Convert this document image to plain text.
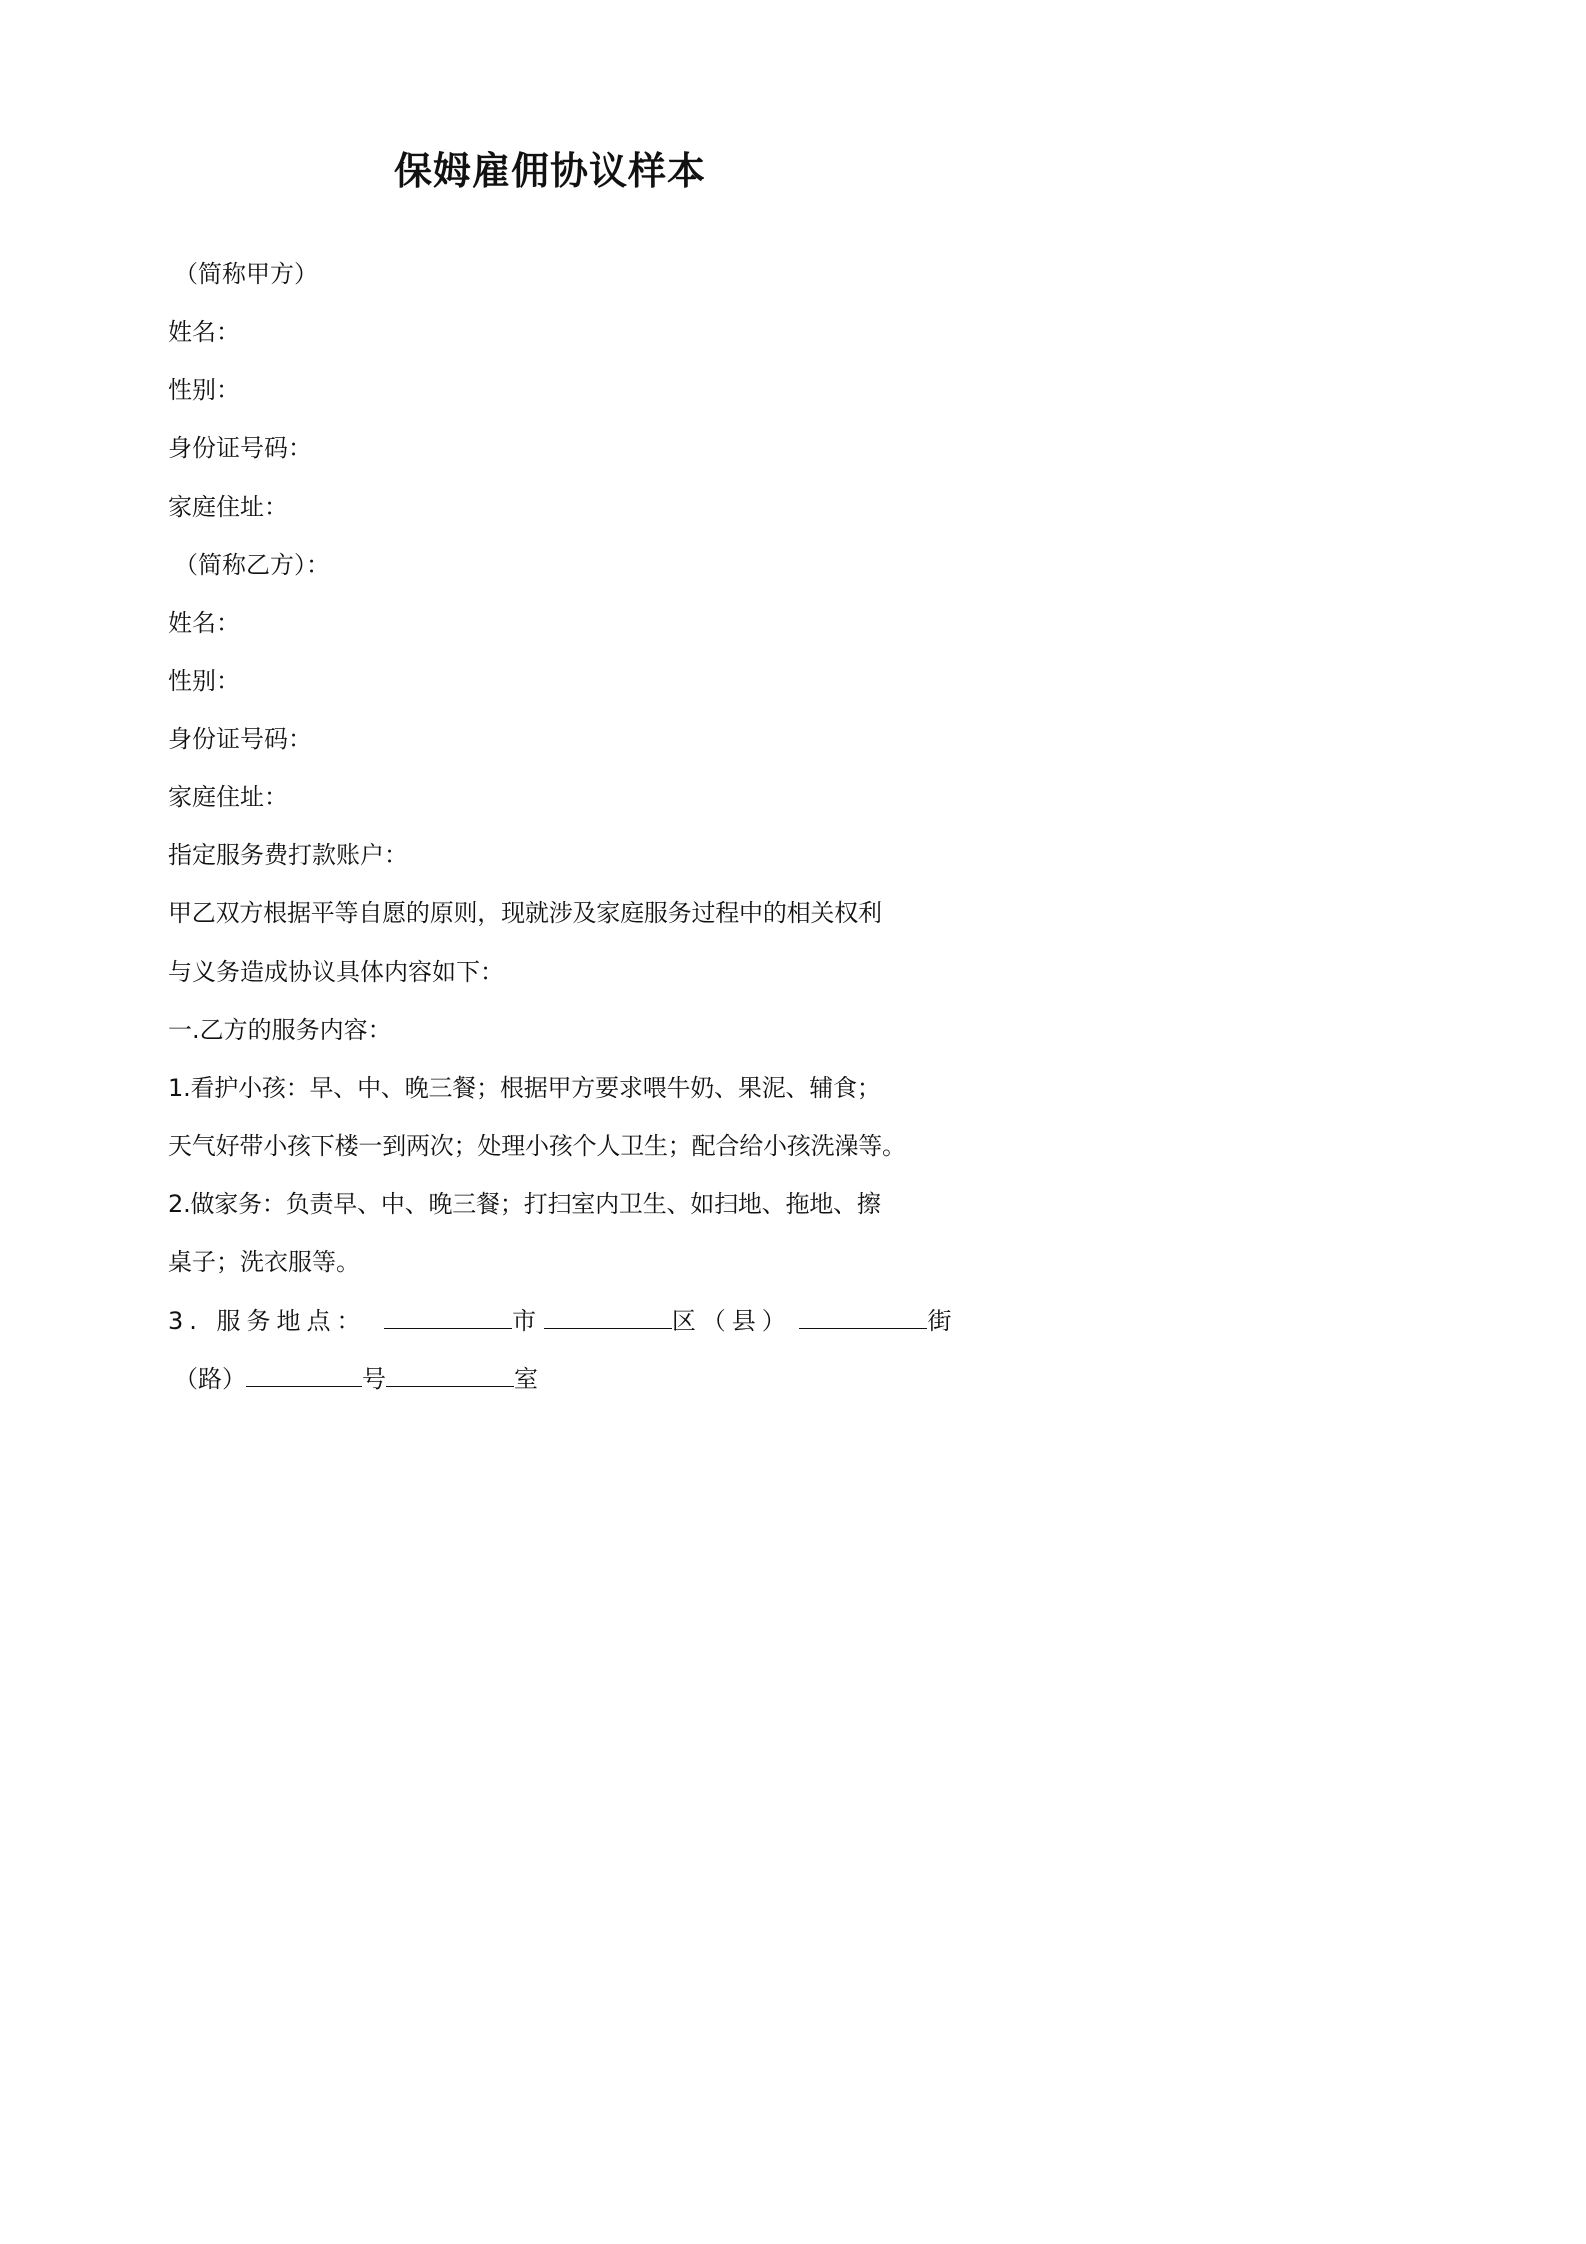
保姆雇佣协议样本
（简称甲方）
姓名：
性别：
身份证号码：
家庭住址：
（简称乙方）：
姓名：
性别：
身份证号码：
家庭住址：
指定服务费打款账户：
甲乙双方根据平等自愿的原则，现就涉及家庭服务过程中的相关权利
与义务造成协议具体内容如下：
一.乙方的服务内容：
1.看护小孩：早、中、晚三餐；根据甲方要求喂牛奶、果泥、辅食；
天气好带小孩下楼一到两次；处理小孩个人卫生；配合给小孩洗澡等。
2.做家务：负责早、中、晚三餐；打扫室内卫生、如扫地、拖地、擦
桌子；洗衣服等。
3. 服务地点：	市	区（县）	街
（路）	号	室
